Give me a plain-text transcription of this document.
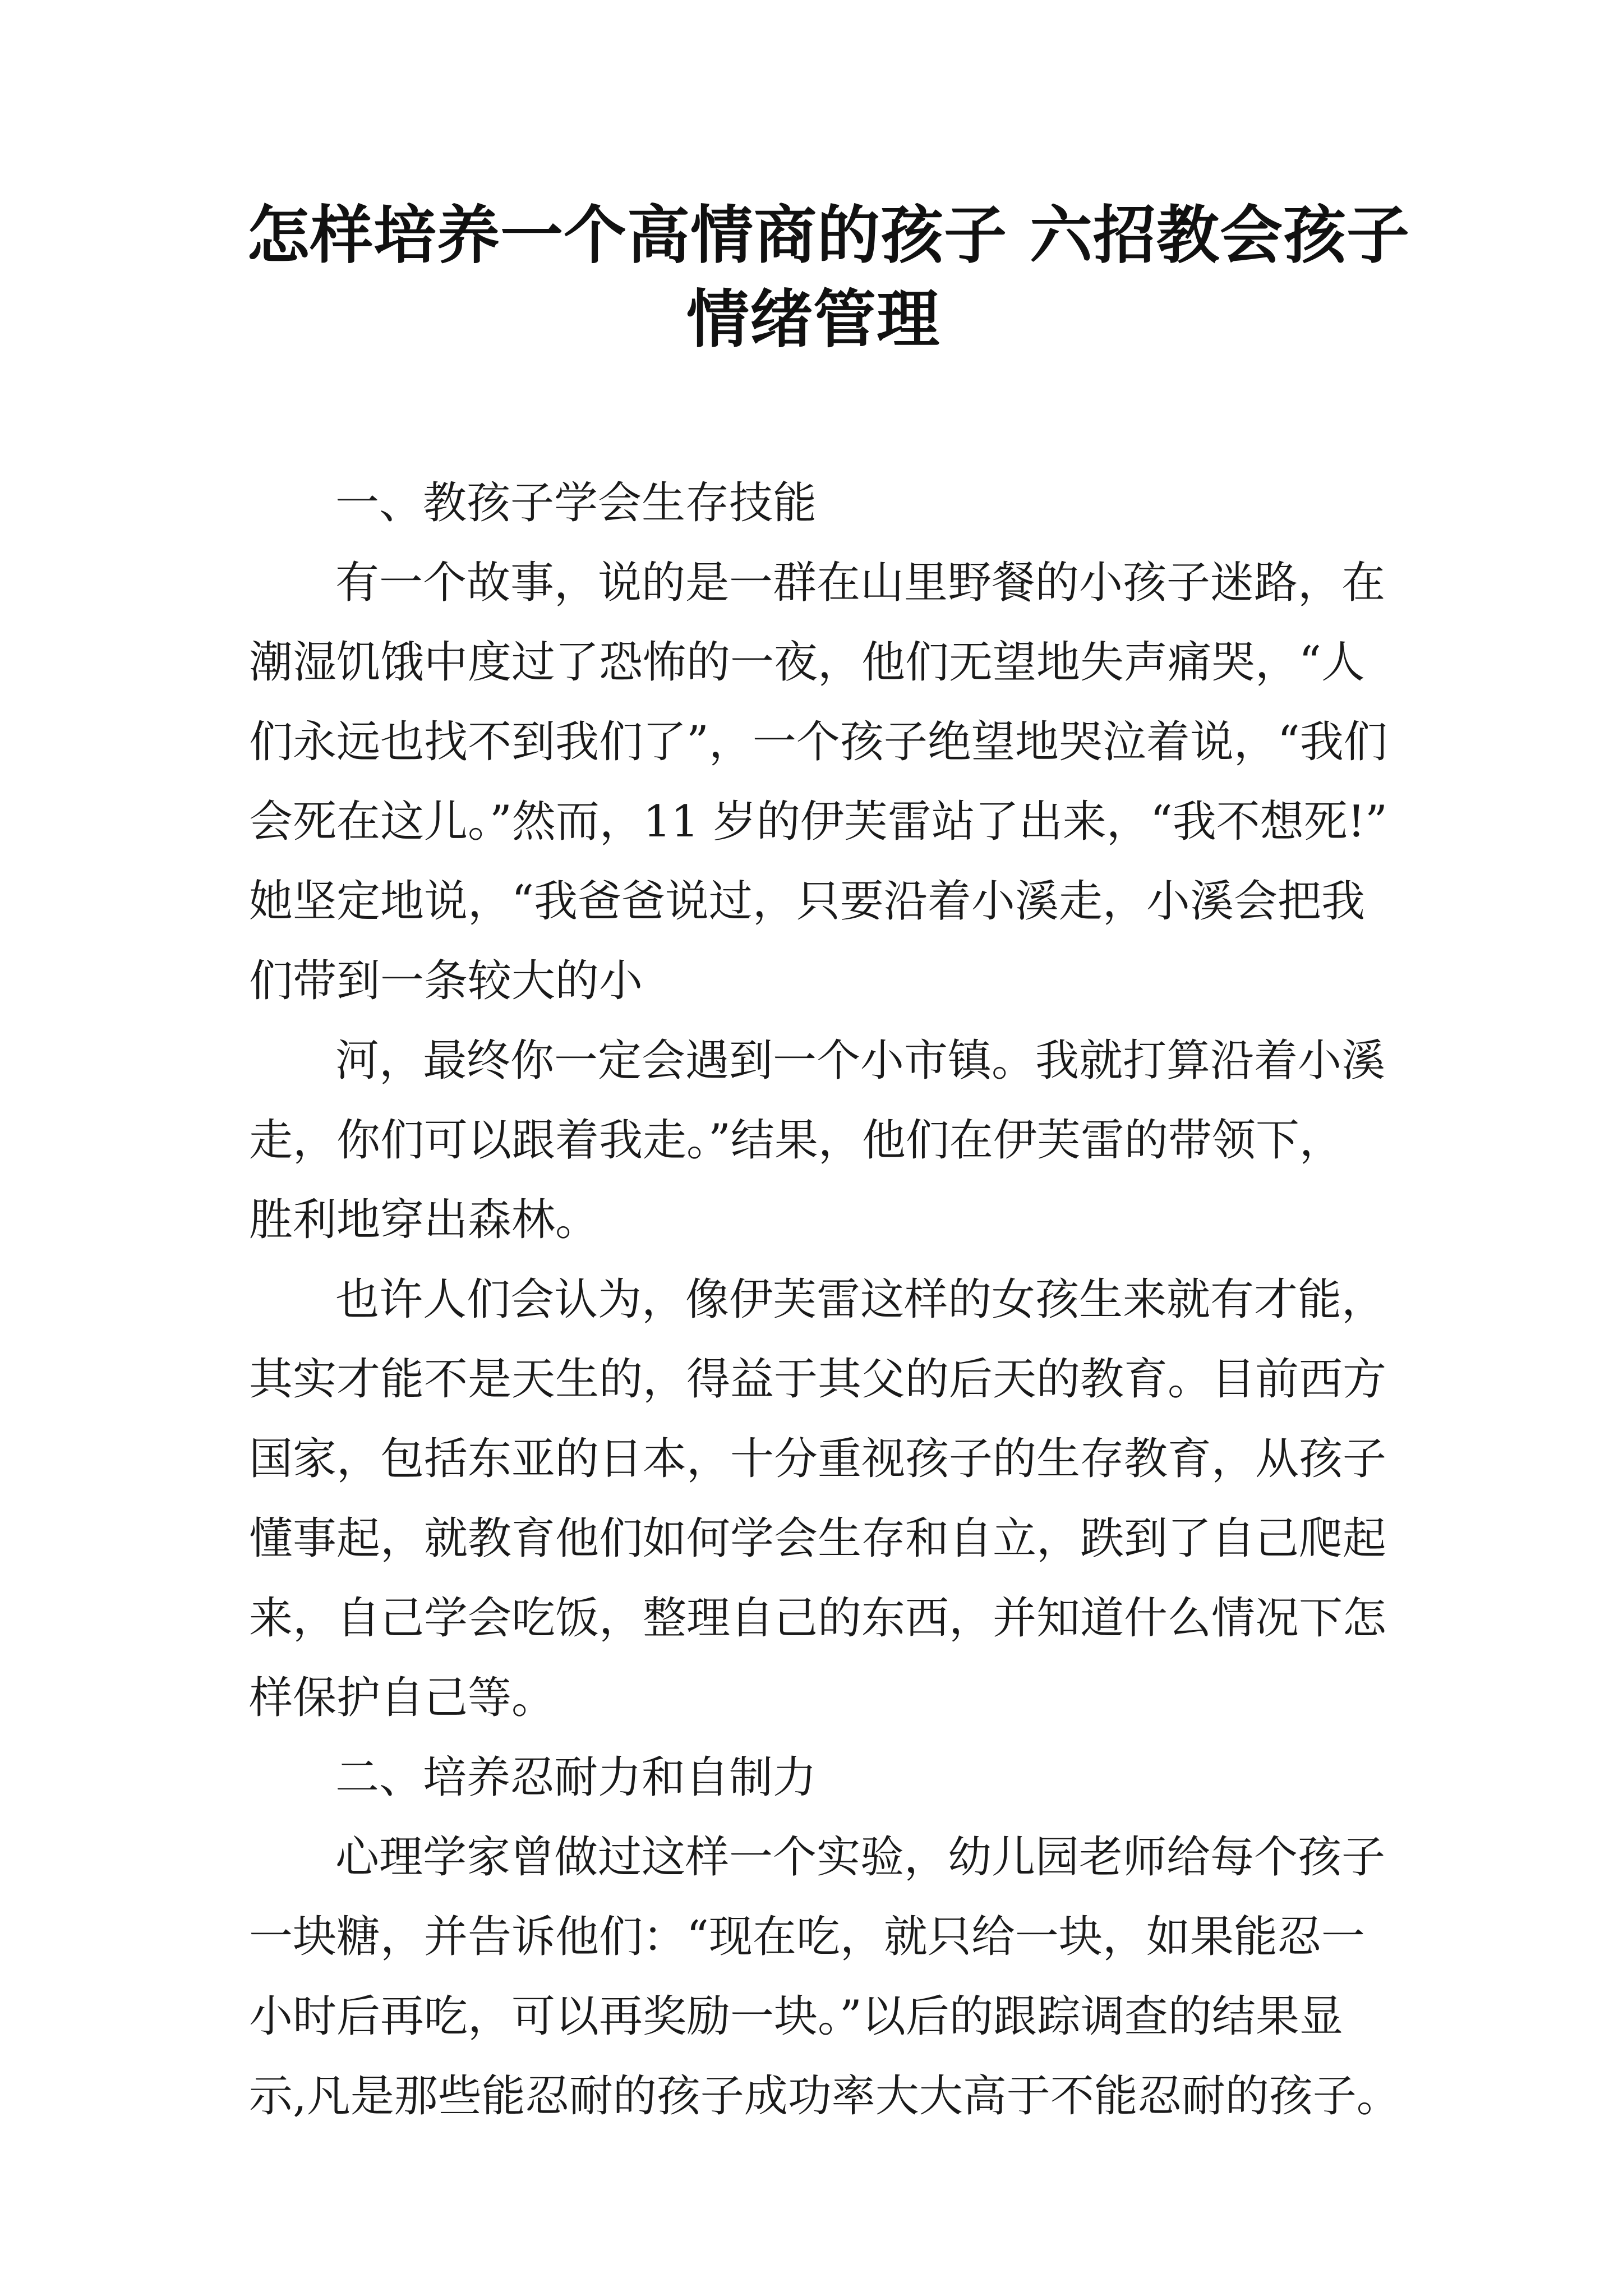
怎样培养一个高情商的孩子 六招教会孩子
情绪管理
一、教孩子学会生存技能
有一个故事，说的是一群在山里野餐的小孩子迷路，在
潮湿饥饿中度过了恐怖的一夜，他们无望地失声痛哭，“人
们永远也找不到我们了”，一个孩子绝望地哭泣着说，“我们
会死在这儿。”然而，11 岁的伊芙雷站了出来，“我不想死!”
她坚定地说，“我爸爸说过，只要沿着小溪走，小溪会把我
们带到一条较大的小
河，最终你一定会遇到一个小市镇。我就打算沿着小溪
走，你们可以跟着我走。”结果，他们在伊芙雷的带领下，
胜利地穿出森林。
也许人们会认为，像伊芙雷这样的女孩生来就有才能，
其实才能不是天生的，得益于其父的后天的教育。目前西方
国家，包括东亚的日本，十分重视孩子的生存教育，从孩子
懂事起，就教育他们如何学会生存和自立，跌到了自己爬起
来，自己学会吃饭，整理自己的东西，并知道什么情况下怎
样保护自己等。
二、培养忍耐力和自制力
心理学家曾做过这样一个实验，幼儿园老师给每个孩子
一块糖，并告诉他们：“现在吃，就只给一块，如果能忍一
小时后再吃，可以再奖励一块。”以后的跟踪调查的结果显
示,凡是那些能忍耐的孩子成功率大大高于不能忍耐的孩子。
